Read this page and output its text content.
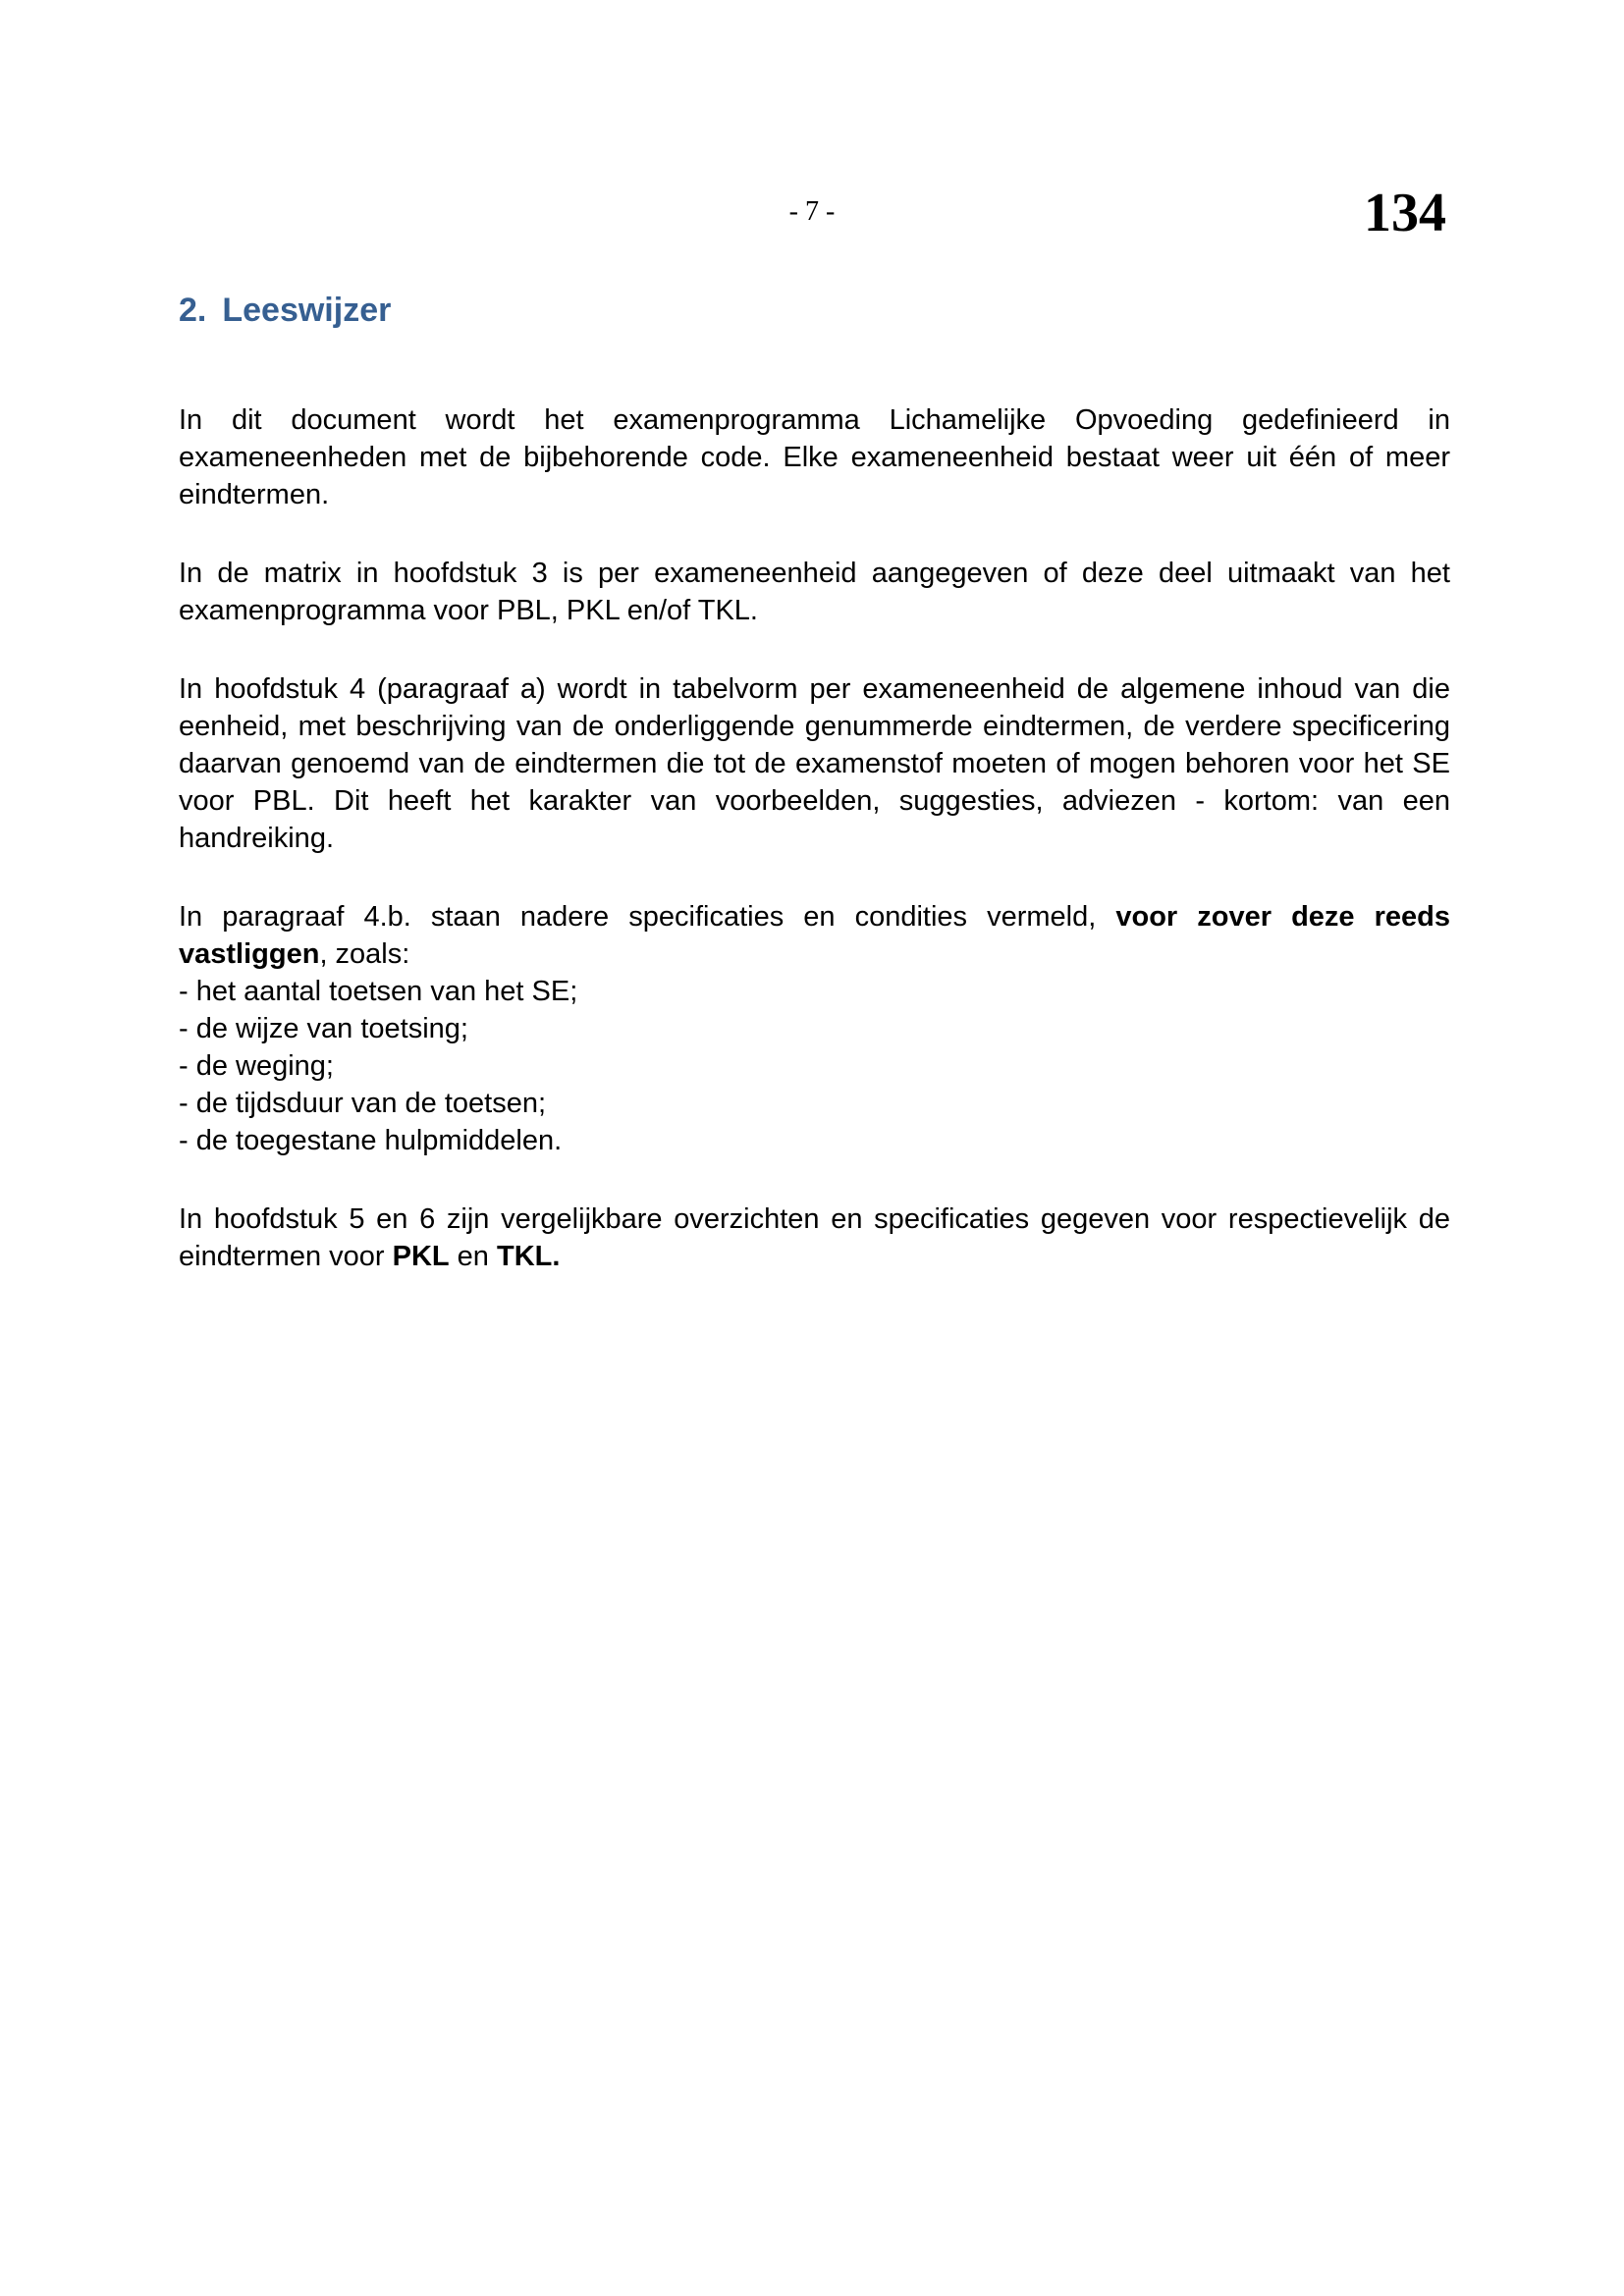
- 7 -	134
2. Leeswijzer

In dit document wordt het examenprogramma Lichamelijke Opvoeding gedefinieerd in exameneenheden met de bijbehorende code. Elke exameneenheid bestaat weer uit één of meer eindtermen.

In de matrix in hoofdstuk 3 is per exameneenheid aangegeven of deze deel uitmaakt van het examenprogramma voor PBL, PKL en/of TKL.

In hoofdstuk 4 (paragraaf a) wordt in tabelvorm per exameneenheid de algemene inhoud van die eenheid, met beschrijving van de onderliggende genummerde eindtermen, de verdere specificering daarvan genoemd van de eindtermen die tot de examenstof moeten of mogen behoren voor het SE voor PBL. Dit heeft het karakter van voorbeelden, suggesties, adviezen - kortom: van een handreiking.

In paragraaf 4.b. staan nadere specificaties en condities vermeld, voor zover deze reeds vastliggen, zoals:

- het aantal toetsen van het SE;
- de wijze van toetsing;
- de weging;
- de tijdsduur van de toetsen;
- de toegestane hulpmiddelen.

In hoofdstuk 5 en 6 zijn vergelijkbare overzichten en specificaties gegeven voor respectievelijk de eindtermen voor PKL en TKL.
